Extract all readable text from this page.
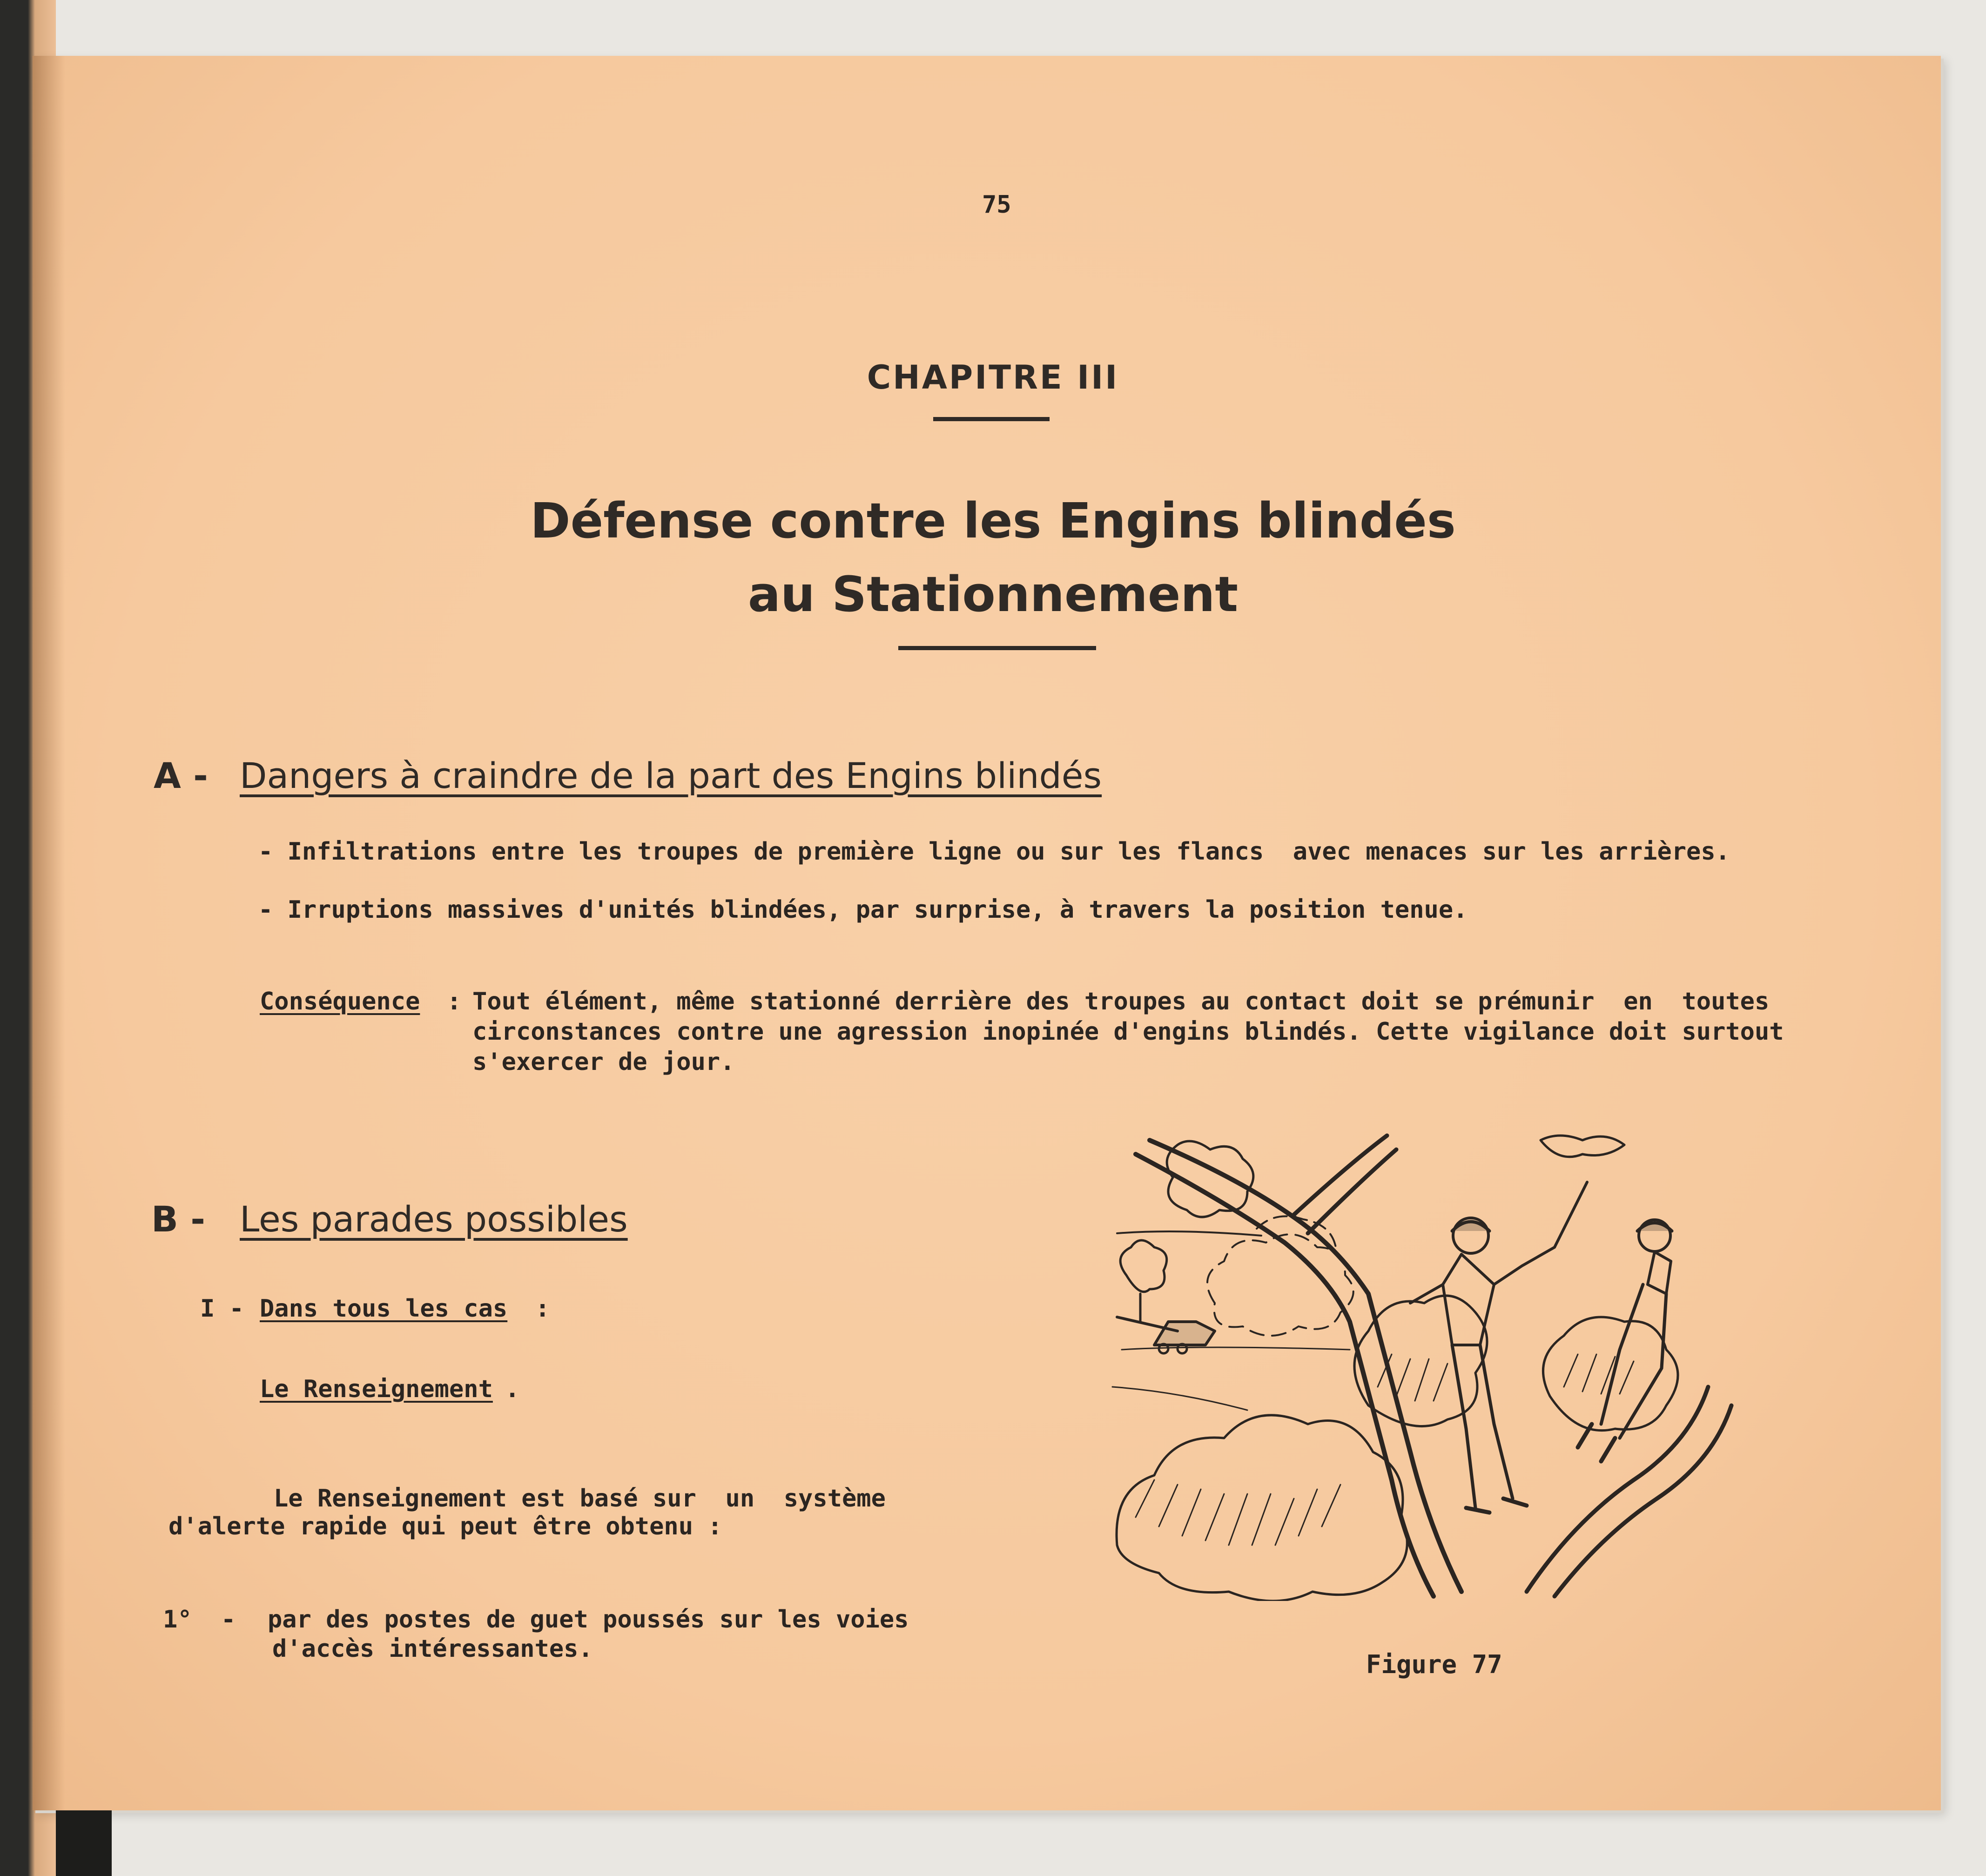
75
CHAPITRE III
Défense contre les Engins blindés
au Stationnement
A - Dangers à craindre de la part des Engins blindés
- Infiltrations entre les troupes de première ligne ou sur les flancs  avec menaces sur les arrières.
- Irruptions massives d'unités blindées, par surprise, à travers la position tenue.
Conséquence : Tout élément, même stationné derrière des troupes au contact doit se prémunir  en  toutes
circonstances contre une agression inopinée d'engins blindés. Cette vigilance doit surtout
s'exercer de jour.
B - Les parades possibles
I - Dans tous les cas :
Le Renseignement .
Le Renseignement est basé sur  un  système
d'alerte rapide qui peut être obtenu :
1° - par des postes de guet poussés sur les voies
d'accès intéressantes.
Figure 77
